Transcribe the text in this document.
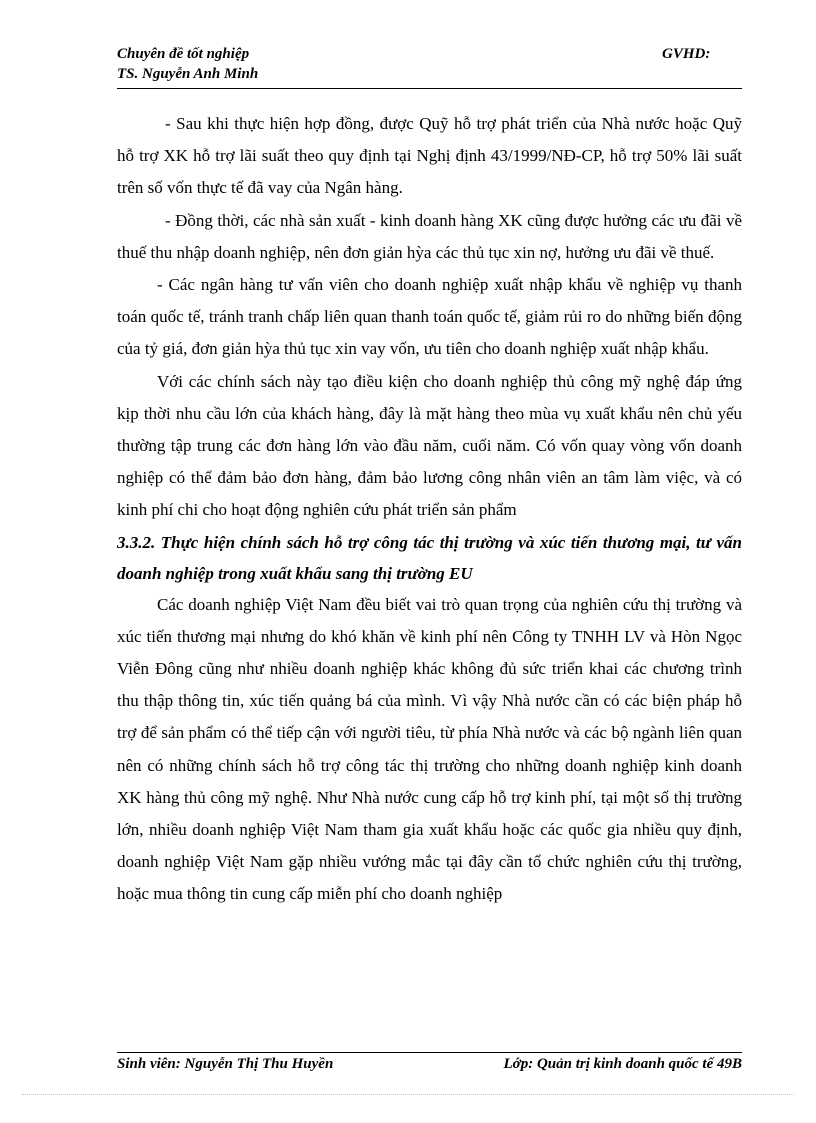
Chuyên đề tốt nghiệp	GVHD:
TS. Nguyễn Anh Minh

- Sau khi thực hiện hợp đồng, được Quỹ hỗ trợ phát triển của Nhà nước hoặc Quỹ hỗ trợ XK hỗ trợ lãi suất theo quy định tại Nghị định 43/1999/NĐ-CP, hỗ trợ 50% lãi suất trên số vốn thực tế đã vay của Ngân hàng.

- Đồng thời, các nhà sản xuất - kinh doanh hàng XK cũng được hưởng các ưu đãi về thuế thu nhập doanh nghiệp, nên đơn giản hỳa các thủ tục xin nợ, hưởng ưu đãi về thuế.

- Các ngân hàng tư vấn viên cho doanh nghiệp xuất nhập khẩu về nghiệp vụ thanh toán quốc tế, tránh tranh chấp liên quan thanh toán quốc tế, giảm rủi ro do những biến động của tỷ giá, đơn giản hỳa thủ tục xin vay vốn, ưu tiên cho doanh nghiệp xuất nhập khẩu.

Với các chính sách này tạo điều kiện cho doanh nghiệp thủ công mỹ nghệ đáp ứng kịp thời nhu cầu lớn của khách hàng, đây là mặt hàng theo mùa vụ xuất khẩu nên chủ yếu thường tập trung các đơn hàng lớn vào đầu năm, cuối năm. Có vốn quay vòng vốn doanh nghiệp có thể đảm bảo đơn hàng, đảm bảo lương công nhân viên an tâm làm việc, và có kinh phí chi cho hoạt động nghiên cứu phát triển sản phẩm

3.3.2. Thực hiện chính sách hỗ trợ công tác thị trường và xúc tiến thương mại, tư vấn doanh nghiệp trong xuất khẩu sang thị trường EU

Các doanh nghiệp Việt Nam đều biết vai trò quan trọng của nghiên cứu thị trường và xúc tiến thương mại nhưng do khó khăn về kinh phí nên Công ty TNHH LV và Hòn Ngọc Viễn Đông cũng như nhiều doanh nghiệp khác không đủ sức triển khai các chương trình thu thập thông tin, xúc tiến quảng bá của mình. Vì vậy Nhà nước cần có các biện pháp hỗ trợ để sản phẩm có thể tiếp cận với người tiêu, từ phía Nhà nước và các bộ ngành liên quan nên có những chính sách hỗ trợ công tác thị trường cho những doanh nghiệp kinh doanh XK hàng thủ công mỹ nghệ. Như Nhà nước cung cấp hỗ trợ kinh phí, tại một số thị trường lớn, nhiều doanh nghiệp Việt Nam tham gia xuất khẩu hoặc các quốc gia nhiều quy định, doanh nghiệp Việt Nam gặp nhiều vướng mắc tại đây cần tổ chức nghiên cứu thị trường, hoặc mua thông tin cung cấp miễn phí cho doanh nghiệp

Sinh viên: Nguyễn Thị Thu Huyền	Lớp: Quản trị kinh doanh quốc tế 49B
